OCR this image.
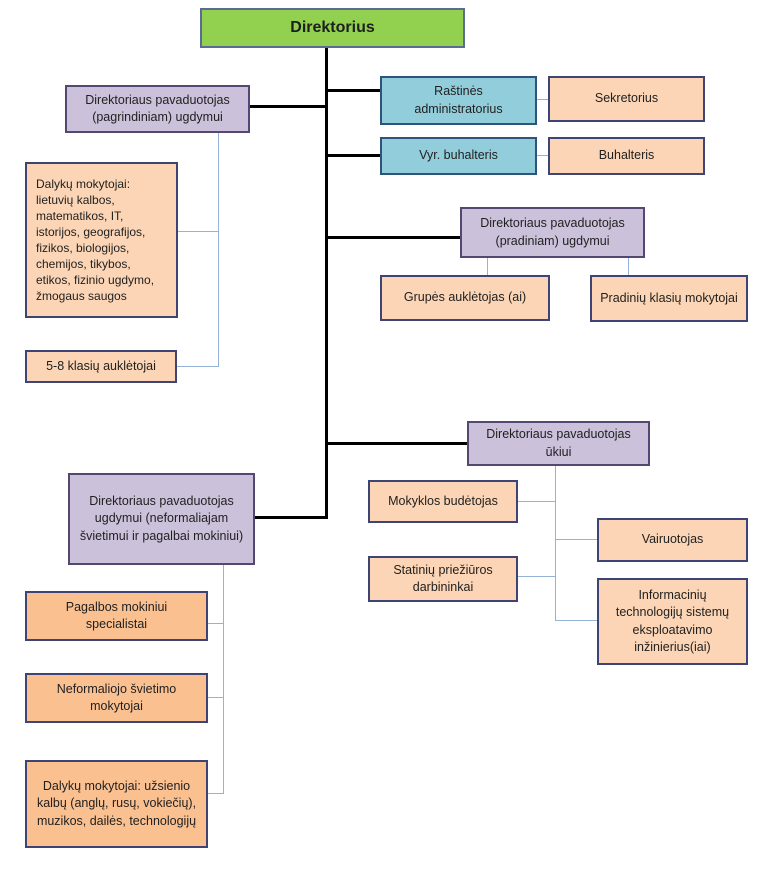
Direktorius
Direktoriaus pavaduotojas (pagrindiniam) ugdymui
Raštinės administratorius
Sekretorius
Vyr. buhalteris	Buhalteris
Dalykų mokytojai: lietuvių kalbos, matematikos, IT, istorijos, geografijos, fizikos, biologijos, chemijos, tikybos, etikos, fizinio ugdymo, žmogaus saugos
5-8 klasių auklėtojai
Direktoriaus pavaduotojas (pradiniam) ugdymui
Grupės auklėtojas (ai)	Pradinių klasių mokytojai
Direktoriaus pavaduotojas ūkiui
Mokyklos budėtojas
Statinių priežiūros darbininkai
Vairuotojas
Informacinių technologijų sistemų eksploatavimo inžinierius(iai)
Direktoriaus pavaduotojas ugdymui (neformaliajam švietimui ir pagalbai mokiniui)
Pagalbos mokiniui specialistai
Neformaliojo švietimo mokytojai
Dalykų mokytojai: užsienio kalbų (anglų, rusų, vokiečių), muzikos, dailės, technologijų
